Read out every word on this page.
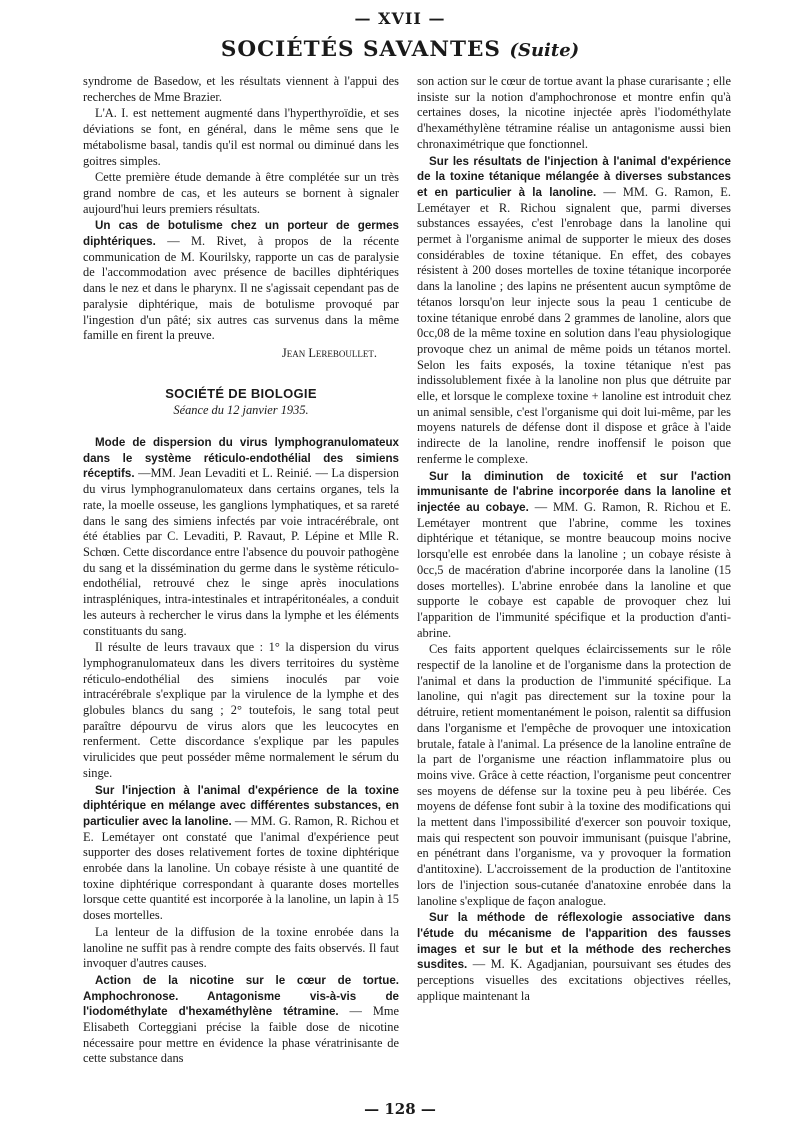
— XVII —
SOCIÉTÉS SAVANTES (Suite)

syndrome de Basedow, et les résultats viennent à l'appui des recherches de Mme Brazier.

L'A. I. est nettement augmenté dans l'hyperthyroïdie, et ses déviations se font, en général, dans le même sens que le métabolisme basal, tandis qu'il est normal ou diminué dans les goitres simples.

Cette première étude demande à être complétée sur un très grand nombre de cas, et les auteurs se bornent à signaler aujourd'hui leurs premiers résultats.

Un cas de botulisme chez un porteur de germes diphtériques. — M. Rivet, à propos de la récente communication de M. Kourilsky, rapporte un cas de paralysie de l'accommodation avec présence de bacilles diphtériques dans le nez et dans le pharynx. Il ne s'agissait cependant pas de paralysie diphtérique, mais de botulisme provoqué par l'ingestion d'un pâté; six autres cas survenus dans la même famille en firent la preuve.

Jean Lereboullet.
SOCIÉTÉ DE BIOLOGIE
Séance du 12 janvier 1935.

Mode de dispersion du virus lymphogranulomateux dans le système réticulo-endothélial des simiens réceptifs. —MM. Jean Levaditi et L. Reinié. — La dispersion du virus lymphogranulomateux dans certains organes, tels la rate, la moelle osseuse, les ganglions lymphatiques, et sa rareté dans le sang des simiens infectés par voie intracérébrale, ont été établies par C. Levaditi, P. Ravaut, P. Lépine et Mlle R. Schœn. Cette discordance entre l'absence du pouvoir pathogène du sang et la dissémination du germe dans le système réticulo-endothélial, retrouvé chez le singe après inoculations intraspléniques, intra-intestinales et intrapéritonéales, a conduit les auteurs à rechercher le virus dans la lymphe et les éléments constituants du sang.

Il résulte de leurs travaux que : 1° la dispersion du virus lymphogranulomateux dans les divers territoires du système réticulo-endothélial des simiens inoculés par voie intracérébrale s'explique par la virulence de la lymphe et des globules blancs du sang ; 2° toutefois, le sang total peut paraître dépourvu de virus alors que les leucocytes en renferment. Cette discordance s'explique par les papules virulicides que peut posséder même normalement le sérum du singe.

Sur l'injection à l'animal d'expérience de la toxine diphtérique en mélange avec différentes substances, en particulier avec la lanoline. — MM. G. Ramon, R. Richou et E. Lemétayer ont constaté que l'animal d'expérience peut supporter des doses relativement fortes de toxine diphtérique enrobée dans la lanoline. Un cobaye résiste à une quantité de toxine diphtérique correspondant à quarante doses mortelles lorsque cette quantité est incorporée à la lanoline, un lapin à 15 doses mortelles.

La lenteur de la diffusion de la toxine enrobée dans la lanoline ne suffit pas à rendre compte des faits observés. Il faut invoquer d'autres causes.

Action de la nicotine sur le cœur de tortue. Amphochronose. Antagonisme vis-à-vis de l'iodométhylate d'hexaméthylène tétramine. — Mme Elisabeth Corteggiani précise la faible dose de nicotine nécessaire pour mettre en évidence la phase vératrinisante de cette substance dans

son action sur le cœur de tortue avant la phase curarisante ; elle insiste sur la notion d'amphochronose et montre enfin qu'à certaines doses, la nicotine injectée après l'iodométhylate d'hexaméthylène tétramine réalise un antagonisme aussi bien chronaximétrique que fonctionnel.

Sur les résultats de l'injection à l'animal d'expérience de la toxine tétanique mélangée à diverses substances et en particulier à la lanoline. — MM. G. Ramon, E. Lemétayer et R. Richou signalent que, parmi diverses substances essayées, c'est l'enrobage dans la lanoline qui permet à l'organisme animal de supporter le mieux des doses considérables de toxine tétanique. En effet, des cobayes résistent à 200 doses mortelles de toxine tétanique incorporée dans la lanoline ; des lapins ne présentent aucun symptôme de tétanos lorsqu'on leur injecte sous la peau 1 centicube de toxine tétanique enrobé dans 2 grammes de lanoline, alors que 0cc,08 de la même toxine en solution dans l'eau physiologique provoque chez un animal de même poids un tétanos mortel. Selon les faits exposés, la toxine tétanique n'est pas indissolublement fixée à la lanoline non plus que détruite par elle, et lorsque le complexe toxine + lanoline est introduit chez un animal sensible, c'est l'organisme qui doit lui-même, par les moyens naturels de défense dont il dispose et grâce à l'aide indirecte de la lanoline, rendre inoffensif le poison que renferme le complexe.

Sur la diminution de toxicité et sur l'action immunisante de l'abrine incorporée dans la lanoline et injectée au cobaye. — MM. G. Ramon, R. Richou et E. Lemétayer montrent que l'abrine, comme les toxines diphtérique et tétanique, se montre beaucoup moins nocive lorsqu'elle est enrobée dans la lanoline ; un cobaye résiste à 0cc,5 de macération d'abrine incorporée dans la lanoline (15 doses mortelles). L'abrine enrobée dans la lanoline et que supporte le cobaye est capable de provoquer chez lui l'apparition de l'immunité spécifique et la production d'anti-abrine.

Ces faits apportent quelques éclaircissements sur le rôle respectif de la lanoline et de l'organisme dans la protection de l'animal et dans la production de l'immunité spécifique. La lanoline, qui n'agit pas directement sur la toxine pour la détruire, retient momentanément le poison, ralentit sa diffusion dans l'organisme et l'empêche de provoquer une intoxication brutale, fatale à l'animal. La présence de la lanoline entraîne de la part de l'organisme une réaction inflammatoire plus ou moins vive. Grâce à cette réaction, l'organisme peut concentrer ses moyens de défense sur la toxine peu à peu libérée. Ces moyens de défense font subir à la toxine des modifications qui la mettent dans l'impossibilité d'exercer son pouvoir toxique, mais qui respectent son pouvoir immunisant (puisque l'abrine, en pénétrant dans l'organisme, va y provoquer la formation d'antitoxine). L'accroissement de la production de l'antitoxine lors de l'injection sous-cutanée d'anatoxine enrobée dans la lanoline s'explique de façon analogue.

Sur la méthode de réflexologie associative dans l'étude du mécanisme de l'apparition des fausses images et sur le but et la méthode des recherches susdites. — M. K. Agadjanian, poursuivant ses études des perceptions visuelles des excitations objectives réelles, applique maintenant la

— 128 —
